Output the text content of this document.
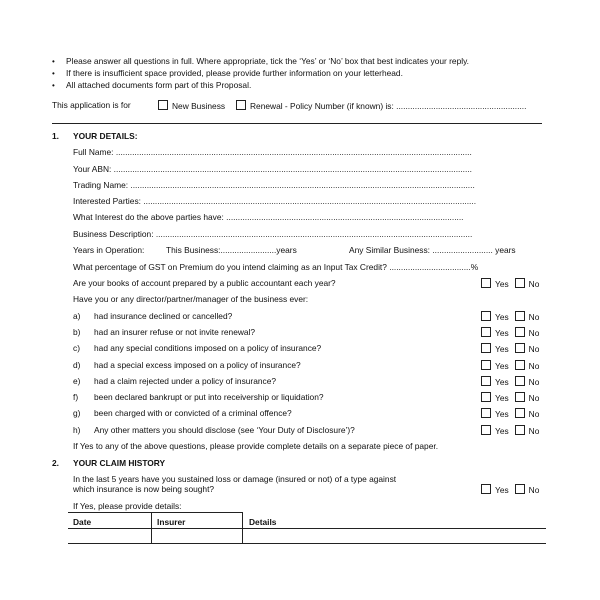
• Please answer all questions in full. Where appropriate, tick the ‘Yes’ or ‘No’ box that best indicates your reply.
• If there is insufficient space provided, please provide further information on your letterhead.
• All attached documents form part of this Proposal.
This application is for	New Business	Renewal - Policy Number (if known) is: ........................................................
1. YOUR DETAILS:
Full Name: .........................................................................................................................................................
Your ABN: ..........................................................................................................................................................
Trading Name: ....................................................................................................................................................
Interested Parties: ...............................................................................................................................................
What Interest do the above parties have: ......................................................................................................
Business Description: ........................................................................................................................................
Years in Operation:	This Business:........................years	Any Similar Business: .......................... years
What percentage of GST on Premium do you intend claiming as an Input Tax Credit? ...................................%
Are your books of account prepared by a public accountant each year?	Yes No
Have you or any director/partner/manager of the business ever:
a) had insurance declined or cancelled?	Yes No
b) had an insurer refuse or not invite renewal?	Yes No
c) had any special conditions imposed on a policy of insurance?	Yes No
d) had a special excess imposed on a policy of insurance?	Yes No
e) had a claim rejected under a policy of insurance?	Yes No
f) been declared bankrupt or put into receivership or liquidation?	Yes No
g) been charged with or convicted of a criminal offence?	Yes No
h) Any other matters you should disclose (see ‘Your Duty of Disclosure’)?	Yes No
If Yes to any of the above questions, please provide complete details on a separate piece of paper.
2. YOUR CLAIM HISTORY
In the last 5 years have you sustained loss or damage (insured or not) of a type against
which insurance is now being sought?	Yes No
If Yes, please provide details:
Date	Insurer	Details
